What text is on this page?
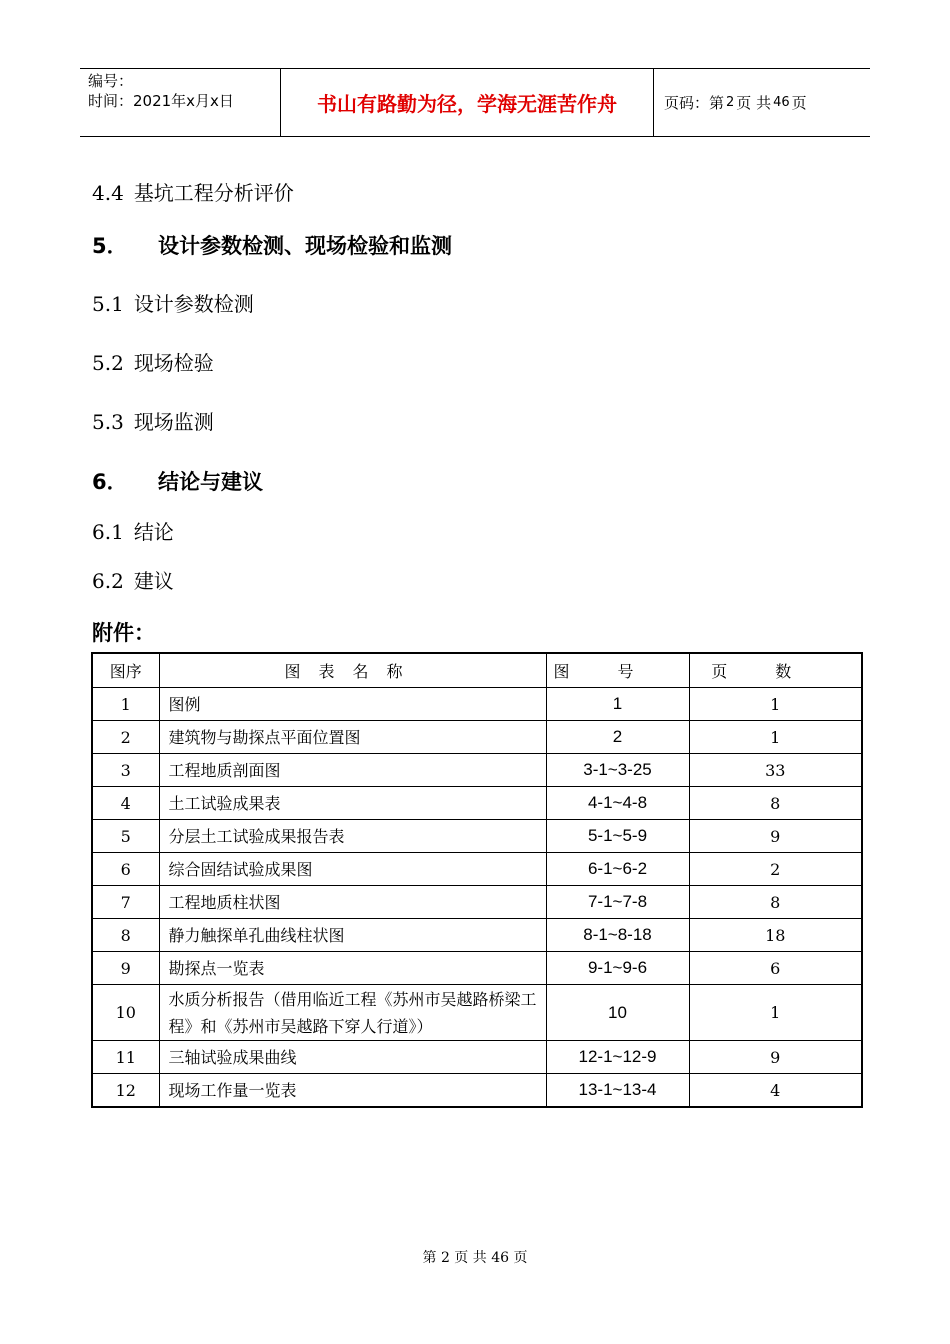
编号：
时间：2021年x月x日	书山有路勤为径，学海无涯苦作舟	页码：第 2 页 共 46 页
4.4 基坑工程分析评价
5． 设计参数检测、现场检验和监测
5.1 设计参数检测
5.2 现场检验
5.3 现场监测
6． 结论与建议
6.1 结论
6.2 建议
附件：
图序	图表名称	图号	页数
1	图例	1	1
2	建筑物与勘探点平面位置图	2	1
3	工程地质剖面图	3-1~3-25	33
4	土工试验成果表	4-1~4-8	8
5	分层土工试验成果报告表	5-1~5-9	9
6	综合固结试验成果图	6-1~6-2	2
7	工程地质柱状图	7-1~7-8	8
8	静力触探单孔曲线柱状图	8-1~8-18	18
9	勘探点一览表	9-1~9-6	6
10	水质分析报告（借用临近工程《苏州市吴越路桥梁工程》和《苏州市吴越路下穿人行道》）	10	1
11	三轴试验成果曲线	12-1~12-9	9
12	现场工作量一览表	13-1~13-4	4
第 2 页 共 46 页
